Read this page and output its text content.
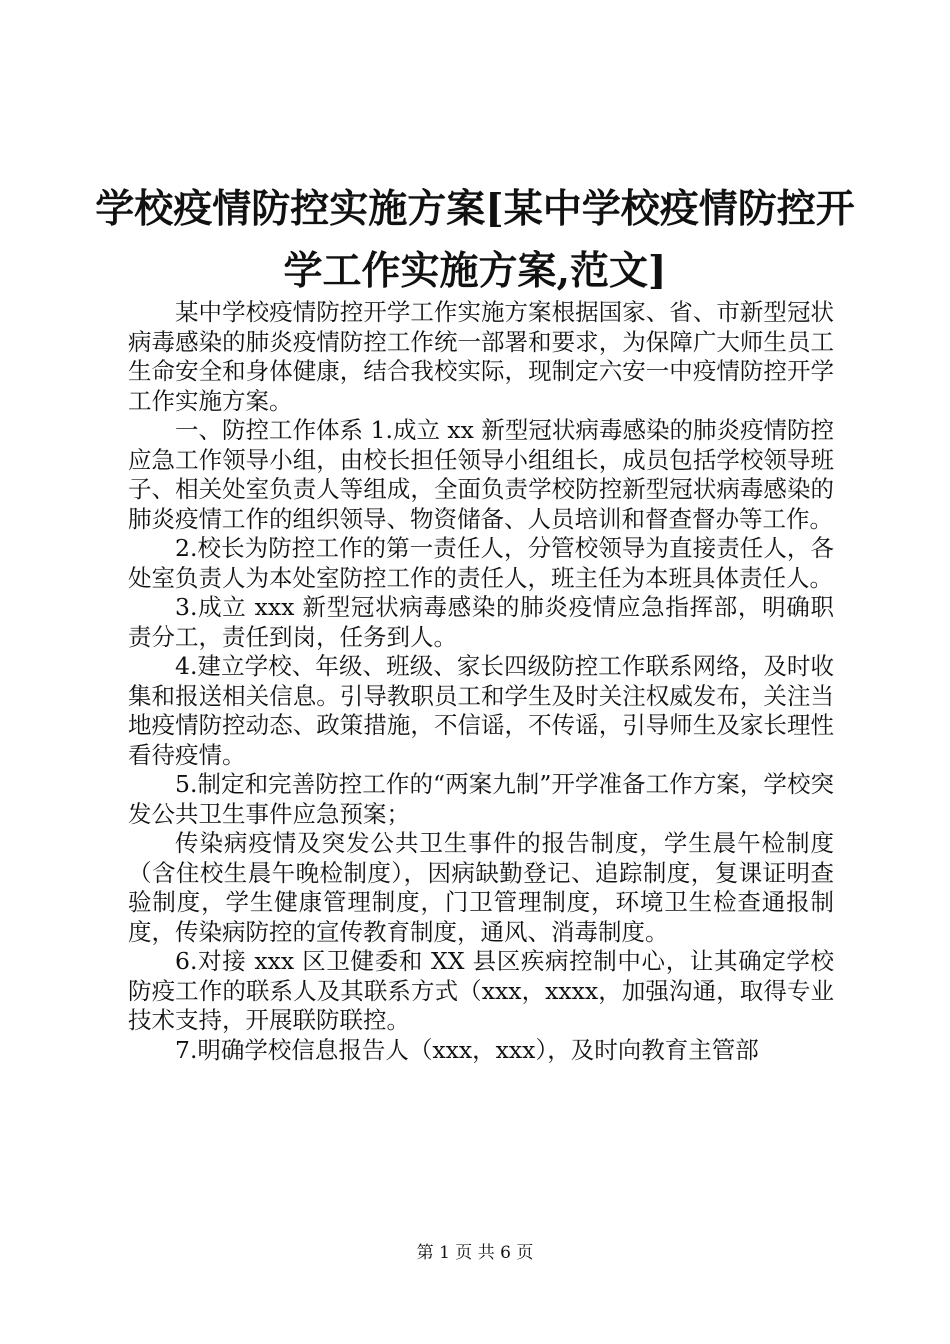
学校疫情防控实施方案[某中学校疫情防控开
学工作实施方案,范文]

某中学校疫情防控开学工作实施方案根据国家、省、市新型冠状病毒感染的肺炎疫情防控工作统一部署和要求，为保障广大师生员工生命安全和身体健康，结合我校实际，现制定六安一中疫情防控开学工作实施方案。

一、防控工作体系 1.成立 xx 新型冠状病毒感染的肺炎疫情防控应急工作领导小组，由校长担任领导小组组长，成员包括学校领导班子、相关处室负责人等组成，全面负责学校防控新型冠状病毒感染的肺炎疫情工作的组织领导、物资储备、人员培训和督查督办等工作。

2.校长为防控工作的第一责任人，分管校领导为直接责任人，各处室负责人为本处室防控工作的责任人，班主任为本班具体责任人。

3.成立 xxx 新型冠状病毒感染的肺炎疫情应急指挥部，明确职责分工，责任到岗，任务到人。

4.建立学校、年级、班级、家长四级防控工作联系网络，及时收集和报送相关信息。引导教职员工和学生及时关注权威发布，关注当地疫情防控动态、政策措施，不信谣，不传谣，引导师生及家长理性看待疫情。

5.制定和完善防控工作的“两案九制”开学准备工作方案，学校突发公共卫生事件应急预案；

传染病疫情及突发公共卫生事件的报告制度，学生晨午检制度（含住校生晨午晚检制度），因病缺勤登记、追踪制度，复课证明查验制度，学生健康管理制度，门卫管理制度，环境卫生检查通报制度，传染病防控的宣传教育制度，通风、消毒制度。

6.对接 xxx 区卫健委和 XX 县区疾病控制中心，让其确定学校防疫工作的联系人及其联系方式（xxx，xxxx，加强沟通，取得专业技术支持，开展联防联控。

7.明确学校信息报告人（xxx，xxx），及时向教育主管部

第 1 页 共 6 页
